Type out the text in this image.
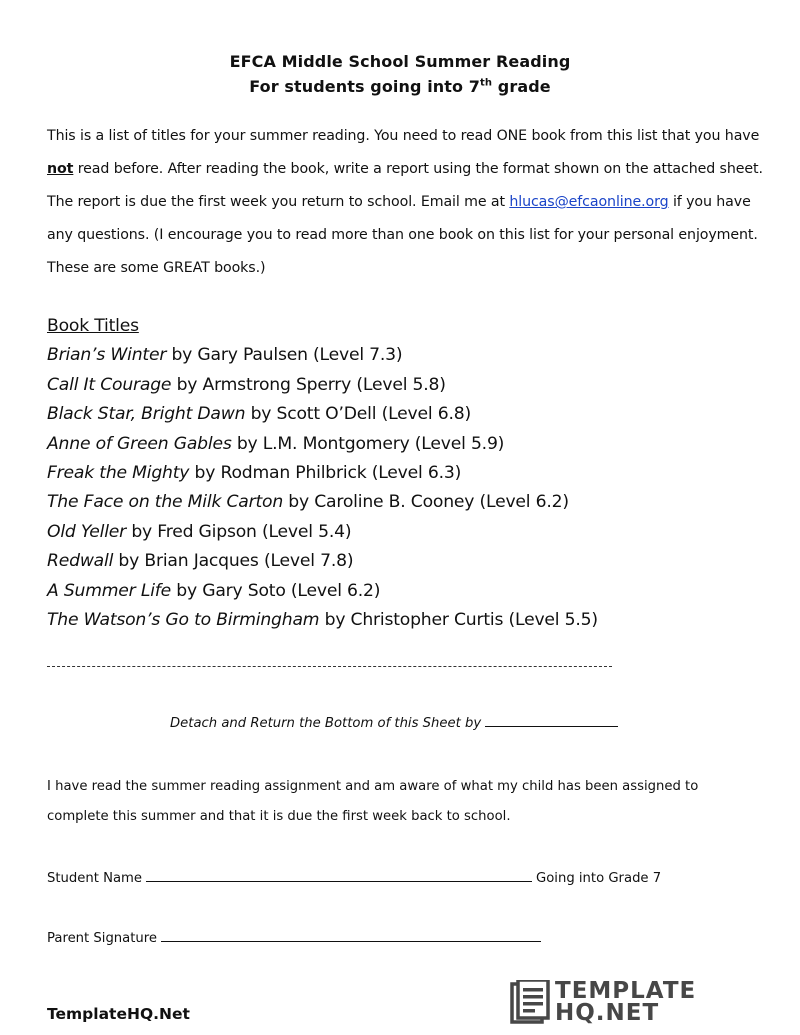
EFCA Middle School Summer Reading
For students going into 7th grade
This is a list of titles for your summer reading. You need to read ONE book from this list that you have not read before. After reading the book, write a report using the format shown on the attached sheet. The report is due the first week you return to school. Email me at hlucas@efcaonline.org if you have any questions. (I encourage you to read more than one book on this list for your personal enjoyment. These are some GREAT books.)
Book Titles
Brian’s Winter by Gary Paulsen (Level 7.3)
Call It Courage by Armstrong Sperry (Level 5.8)
Black Star, Bright Dawn by Scott O’Dell (Level 6.8)
Anne of Green Gables by L.M. Montgomery (Level 5.9)
Freak the Mighty by Rodman Philbrick (Level 6.3)
The Face on the Milk Carton by Caroline B. Cooney (Level 6.2)
Old Yeller by Fred Gipson (Level 5.4)
Redwall by Brian Jacques (Level 7.8)
A Summer Life by Gary Soto (Level 6.2)
The Watson’s Go to Birmingham by Christopher Curtis (Level 5.5)
Detach and Return the Bottom of this Sheet by
I have read the summer reading assignment and am aware of what my child has been assigned to complete this summer and that it is due the first week back to school.
Student Name	Going into Grade 7
Parent Signature
TemplateHQ.Net
TEMPLATE
HQ.NET
